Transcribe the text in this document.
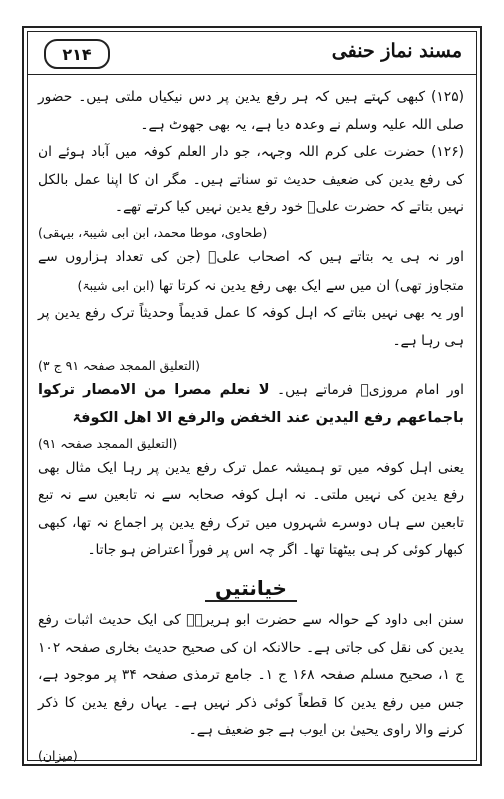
مسند نماز حنفی
۲۱۴

(۱۲۵) کبھی کہتے ہیں کہ ہر رفع یدین پر دس نیکیاں ملتی ہیں۔ حضور صلی اللہ علیہ وسلم نے وعدہ دیا ہے، یہ بھی جھوٹ ہے۔

(۱۲۶) حضرت علی کرم اللہ وجہہ، جو دار العلم کوفہ میں آباد ہوئے ان کی رفع یدین کی ضعیف حدیث تو سناتے ہیں۔ مگر ان کا اپنا عمل بالکل نہیں بتاتے کہ حضرت علیؓ خود رفع یدین نہیں کیا کرتے تھے۔

(طحاوی، موطا محمد، ابن ابی شیبۃ، بیہقی)

اور نہ ہی یہ بتاتے ہیں کہ اصحاب علیؓ (جن کی تعداد ہزاروں سے متجاوز تھی) ان میں سے ایک بھی رفع یدین نہ کرتا تھا (ابن ابی شیبۃ)

اور یہ بھی نہیں بتاتے کہ اہل کوفہ کا عمل قدیماً وحدیثاً ترک رفع یدین پر ہی رہا ہے۔

(التعلیق الممجد صفحہ ۹۱ ج ۳)

اور امام مروزیؒ فرماتے ہیں۔ لا نعلم مصرا من الامصار ترکوا باجماعھم رفع الیدین عند الخفض والرفع الا اھل الکوفۃ

(التعلیق الممجد صفحہ ۹۱)

یعنی اہل کوفہ میں تو ہمیشہ عمل ترک رفع یدین پر رہا ایک مثال بھی رفع یدین کی نہیں ملتی۔ نہ اہل کوفہ صحابہ سے نہ تابعین سے نہ تبع تابعین سے ہاں دوسرے شہروں میں ترک رفع یدین پر اجماع نہ تھا، کبھی کبھار کوئی کر ہی بیٹھتا تھا۔ اگر چہ اس پر فوراً اعتراض ہو جاتا۔

خیانتیں

سنن ابی داود کے حوالہ سے حضرت ابو ہریرہؓ کی ایک حدیث اثبات رفع یدین کی نقل کی جاتی ہے۔ حالانکہ ان کی صحیح حدیث بخاری صفحہ ۱۰۲ ج ۱، صحیح مسلم صفحہ ۱۶۸ ج ۱۔ جامع ترمذی صفحہ ۳۴ پر موجود ہے، جس میں رفع یدین کا قطعاً کوئی ذکر نہیں ہے۔ یہاں رفع یدین کا ذکر کرنے والا راوی یحییٰ بن ایوب ہے جو ضعیف ہے۔

(میزان)
